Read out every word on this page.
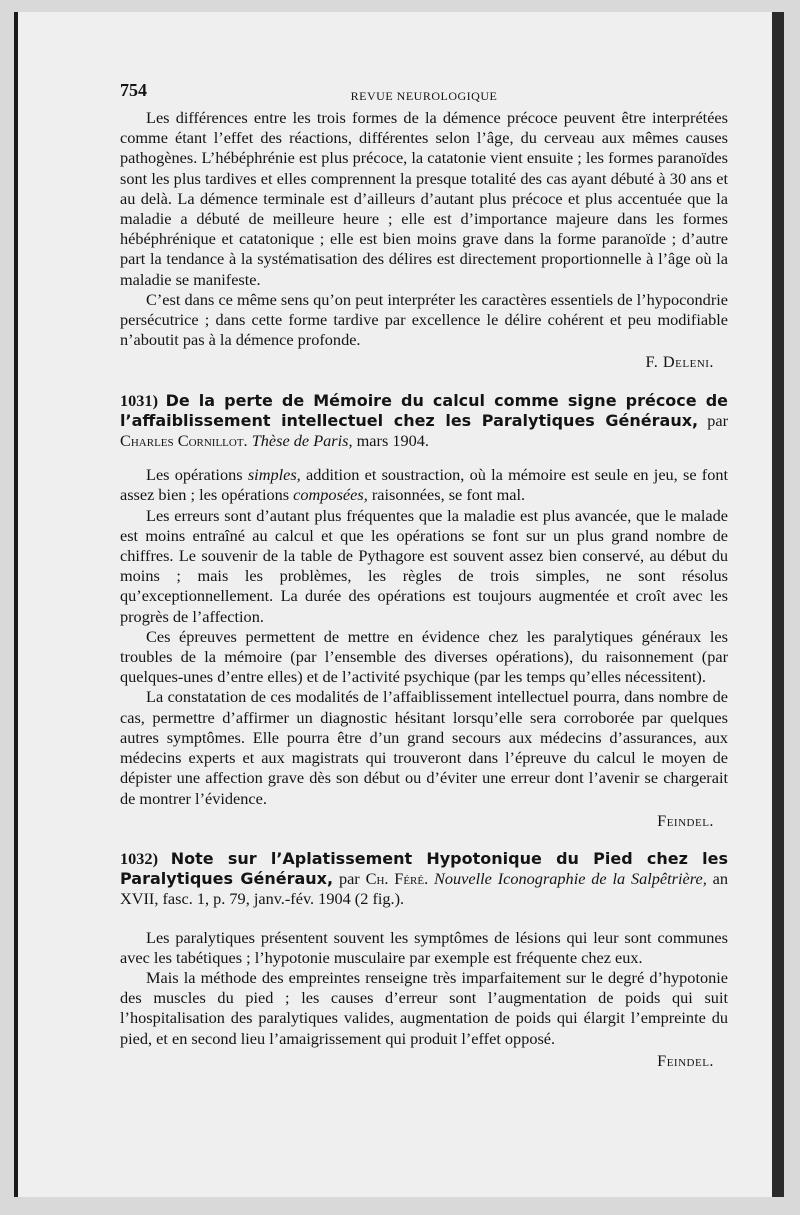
754	REVUE NEUROLOGIQUE

Les différences entre les trois formes de la démence précoce peuvent être interprétées comme étant l’effet des réactions, différentes selon l’âge, du cerveau aux mêmes causes pathogènes. L’hébéphrénie est plus précoce, la catatonie vient ensuite ; les formes paranoïdes sont les plus tardives et elles comprennent la presque totalité des cas ayant débuté à 30 ans et au delà. La démence terminale est d’ailleurs d’autant plus précoce et plus accentuée que la maladie a débuté de meilleure heure ; elle est d’importance majeure dans les formes hébéphrénique et catatonique ; elle est bien moins grave dans la forme paranoïde ; d’autre part la tendance à la systématisation des délires est directement proportionnelle à l’âge où la maladie se manifeste.

C’est dans ce même sens qu’on peut interpréter les caractères essentiels de l’hypocondrie persécutrice ; dans cette forme tardive par excellence le délire cohérent et peu modifiable n’aboutit pas à la démence profonde.

F. Deleni.

1031) De la perte de Mémoire du calcul comme signe précoce de l’affaiblissement intellectuel chez les Paralytiques Généraux, par Charles Cornillot. Thèse de Paris, mars 1904.

Les opérations simples, addition et soustraction, où la mémoire est seule en jeu, se font assez bien ; les opérations composées, raisonnées, se font mal.

Les erreurs sont d’autant plus fréquentes que la maladie est plus avancée, que le malade est moins entraîné au calcul et que les opérations se font sur un plus grand nombre de chiffres. Le souvenir de la table de Pythagore est souvent assez bien conservé, au début du moins ; mais les problèmes, les règles de trois simples, ne sont résolus qu’exceptionnellement. La durée des opérations est toujours augmentée et croît avec les progrès de l’affection.

Ces épreuves permettent de mettre en évidence chez les paralytiques généraux les troubles de la mémoire (par l’ensemble des diverses opérations), du raisonnement (par quelques-unes d’entre elles) et de l’activité psychique (par les temps qu’elles nécessitent).

La constatation de ces modalités de l’affaiblissement intellectuel pourra, dans nombre de cas, permettre d’affirmer un diagnostic hésitant lorsqu’elle sera corroborée par quelques autres symptômes. Elle pourra être d’un grand secours aux médecins d’assurances, aux médecins experts et aux magistrats qui trouveront dans l’épreuve du calcul le moyen de dépister une affection grave dès son début ou d’éviter une erreur dont l’avenir se chargerait de montrer l’évidence.

Feindel.

1032) Note sur l’Aplatissement Hypotonique du Pied chez les Paralytiques Généraux, par Ch. Féré. Nouvelle Iconographie de la Salpêtrière, an XVII, fasc. 1, p. 79, janv.-fév. 1904 (2 fig.).

Les paralytiques présentent souvent les symptômes de lésions qui leur sont communes avec les tabétiques ; l’hypotonie musculaire par exemple est fréquente chez eux.

Mais la méthode des empreintes renseigne très imparfaitement sur le degré d’hypotonie des muscles du pied ; les causes d’erreur sont l’augmentation de poids qui suit l’hospitalisation des paralytiques valides, augmentation de poids qui élargit l’empreinte du pied, et en second lieu l’amaigrissement qui produit l’effet opposé.

Feindel.
